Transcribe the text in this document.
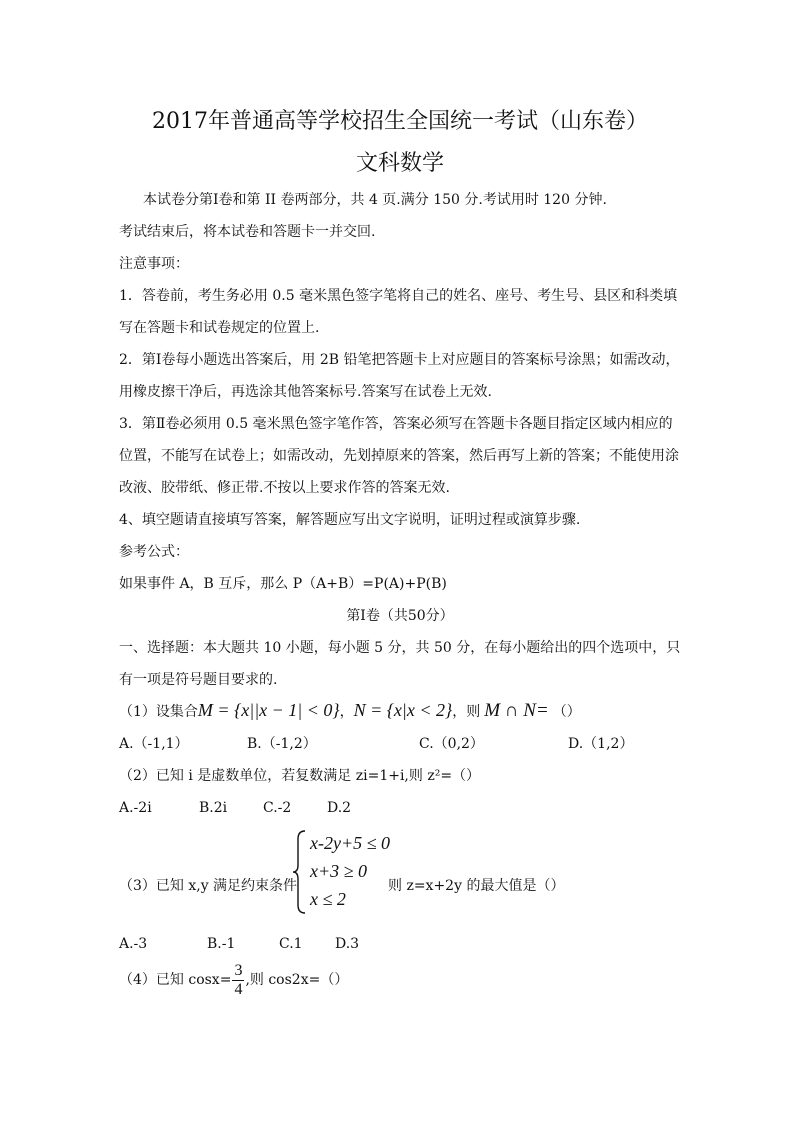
2017年普通高等学校招生全国统一考试（山东卷）
文科数学
本试卷分第Ⅰ卷和第 II 卷两部分，共 4 页.满分 150 分.考试用时 120 分钟.
考试结束后，将本试卷和答题卡一并交回.
注意事项：
1．答卷前，考生务必用 0.5 毫米黑色签字笔将自己的姓名、座号、考生号、县区和科类填
写在答题卡和试卷规定的位置上.
2．第Ⅰ卷每小题选出答案后，用 2B 铅笔把答题卡上对应题目的答案标号涂黑；如需改动，
用橡皮擦干净后，再选涂其他答案标号.答案写在试卷上无效.
3．第Ⅱ卷必须用 0.5 毫米黑色签字笔作答，答案必须写在答题卡各题目指定区域内相应的
位置，不能写在试卷上；如需改动，先划掉原来的答案，然后再写上新的答案；不能使用涂
改液、胶带纸、修正带.不按以上要求作答的答案无效.
4、填空题请直接填写答案，解答题应写出文字说明，证明过程或演算步骤.
参考公式：
如果事件 A，B 互斥，那么 P（A+B）=P(A)+P(B)
第Ⅰ卷（共50分）
一、选择题：本大题共 10 小题，每小题 5 分，共 50 分，在每小题给出的四个选项中，只
有一项是符号题目要求的.
（1）设集合M = {x||x − 1| < 0}，N = {x|x < 2}，则 M ∩ N= （）
A.（-1,1）	B.（-1,2）	C.（0,2）	D.（1,2）
（2）已知 i 是虚数单位，若复数满足 zi=1+i,则 z²=（）
A.-2i	B.2i	C.-2	D.2
（3）已知 x,y 满足约束条件
x-2y+5 ≤ 0
x+3 ≥ 0
x ≤ 2
则 z=x+2y 的最大值是（）
A.-3	B.-1	C.1 D.3
（4）已知 $\cos x= \frac{3}{4}$ ,则 cos2x=（）
